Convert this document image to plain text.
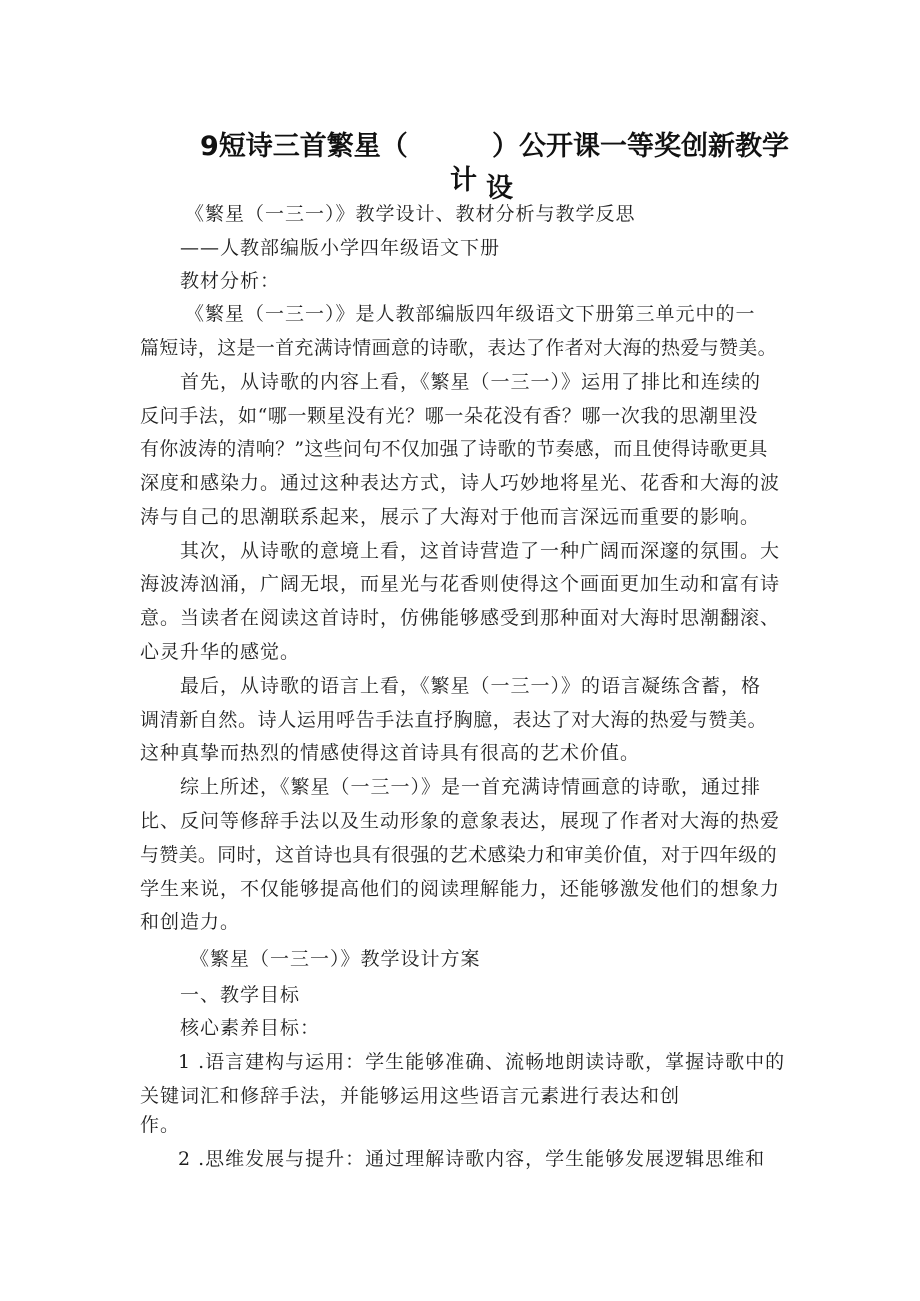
9短诗三首繁星（	）公开课一等奖创新教学
计 设
《繁星（一三一）》教学设计、教材分析与教学反思
——人教部编版小学四年级语文下册
教材分析：
《繁星（一三一）》是人教部编版四年级语文下册第三单元中的一
篇短诗，这是一首充满诗情画意的诗歌，表达了作者对大海的热爱与赞美。
首先，从诗歌的内容上看，《繁星（一三一）》运用了排比和连续的
反问手法，如“哪一颗星没有光？哪一朵花没有香？哪一次我的思潮里没
有你波涛的清响？”这些问句不仅加强了诗歌的节奏感，而且使得诗歌更具
深度和感染力。通过这种表达方式，诗人巧妙地将星光、花香和大海的波
涛与自己的思潮联系起来，展示了大海对于他而言深远而重要的影响。
其次，从诗歌的意境上看，这首诗营造了一种广阔而深邃的氛围。大
海波涛汹涌，广阔无垠，而星光与花香则使得这个画面更加生动和富有诗
意。当读者在阅读这首诗时，仿佛能够感受到那种面对大海时思潮翻滚、
心灵升华的感觉。
最后，从诗歌的语言上看，《繁星（一三一）》的语言凝练含蓄，格
调清新自然。诗人运用呼告手法直抒胸臆，表达了对大海的热爱与赞美。
这种真挚而热烈的情感使得这首诗具有很高的艺术价值。
综上所述，《繁星（一三一）》是一首充满诗情画意的诗歌，通过排
比、反问等修辞手法以及生动形象的意象表达，展现了作者对大海的热爱
与赞美。同时，这首诗也具有很强的艺术感染力和审美价值，对于四年级的
学生来说，不仅能够提高他们的阅读理解能力，还能够激发他们的想象力
和创造力。
《繁星（一三一）》教学设计方案
一、教学目标
核心素养目标：
1 .语言建构与运用：学生能够准确、流畅地朗读诗歌，掌握诗歌中的
关键词汇和修辞手法，并能够运用这些语言元素进行表达和创
作。
2 .思维发展与提升：通过理解诗歌内容，学生能够发展逻辑思维和
